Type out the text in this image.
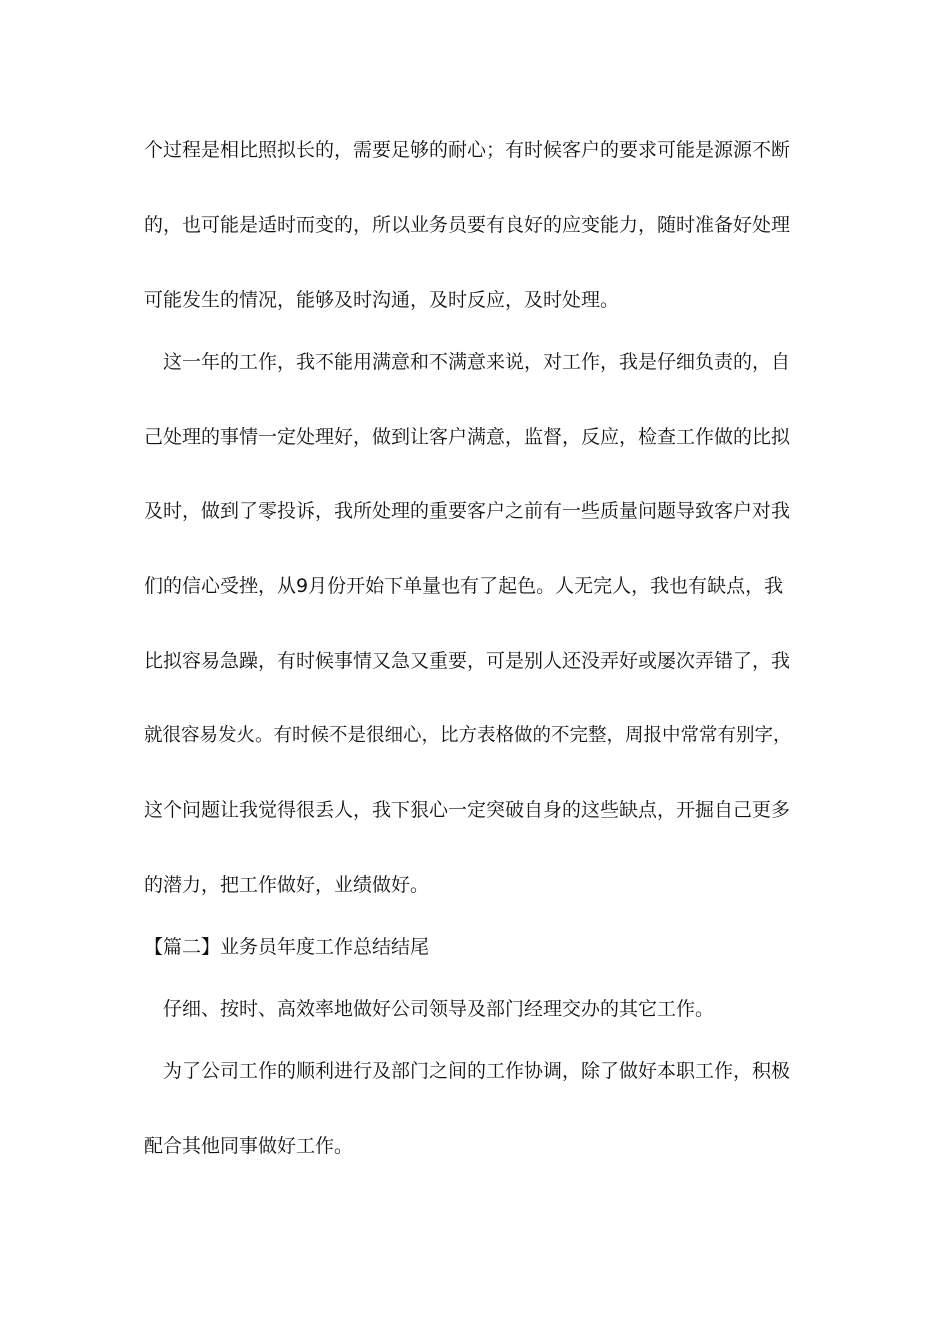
个过程是相比照拟长的，需要足够的耐心；有时候客户的要求可能是源源不断
的，也可能是适时而变的，所以业务员要有良好的应变能力，随时准备好处理
可能发生的情况，能够及时沟通，及时反应，及时处理。
这一年的工作，我不能用满意和不满意来说，对工作，我是仔细负责的，自
己处理的事情一定处理好，做到让客户满意，监督，反应，检查工作做的比拟
及时，做到了零投诉，我所处理的重要客户之前有一些质量问题导致客户对我
们的信心受挫，从9月份开始下单量也有了起色。人无完人，我也有缺点，我
比拟容易急躁，有时候事情又急又重要，可是别人还没弄好或屡次弄错了，我
就很容易发火。有时候不是很细心，比方表格做的不完整，周报中常常有别字，
这个问题让我觉得很丢人，我下狠心一定突破自身的这些缺点，开掘自己更多
的潜力，把工作做好，业绩做好。
【篇二】业务员年度工作总结结尾
仔细、按时、高效率地做好公司领导及部门经理交办的其它工作。
为了公司工作的顺利进行及部门之间的工作协调，除了做好本职工作，积极
配合其他同事做好工作。
